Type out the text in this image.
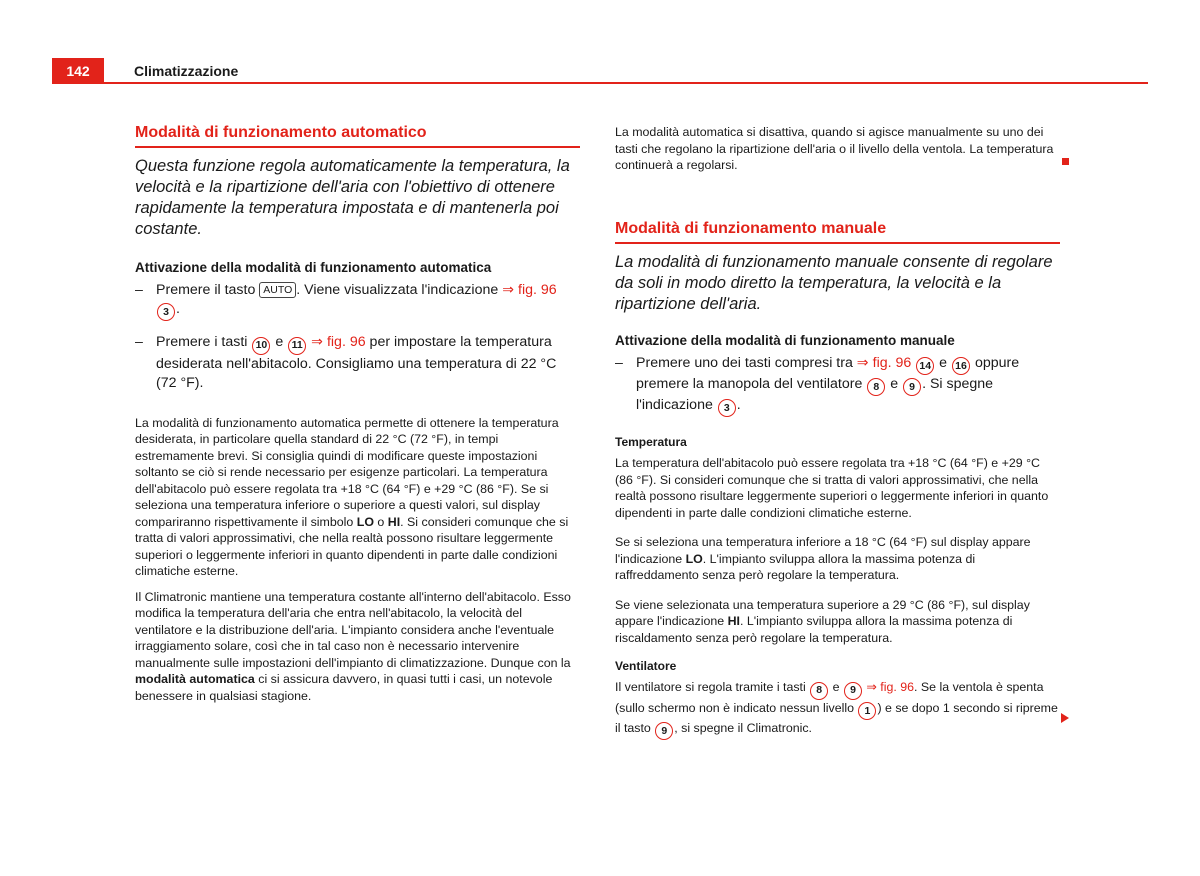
142	Climatizzazione
Modalità di funzionamento automatico

Questa funzione regola automaticamente la temperatura, la velocità e la ripartizione dell'aria con l'obiettivo di ottenere rapidamente la temperatura impostata e di mantenerla poi costante.

Attivazione della modalità di funzionamento automatica

– Premere il tasto AUTO . Viene visualizzata l'indicazione ⇒ fig. 96 3 .
– Premere i tasti 10 e 11 ⇒ fig. 96 per impostare la temperatura desiderata nell'abitacolo. Consigliamo una temperatura di 22 °C (72 °F).

La modalità di funzionamento automatica permette di ottenere la temperatura desiderata, in particolare quella standard di 22 °C (72 °F), in tempi estremamente brevi. Si consiglia quindi di modificare queste impostazioni soltanto se ciò si rende necessario per esigenze particolari. La temperatura dell'abitacolo può essere regolata tra +18 °C (64 °F) e +29 °C (86 °F). Se si seleziona una temperatura inferiore o superiore a questi valori, sul display compariranno rispettivamente il simbolo LO o HI. Si consideri comunque che si tratta di valori approssimativi, che nella realtà possono risultare leggermente superiori o leggermente inferiori in quanto dipendenti in parte dalle condizioni climatiche esterne.

Il Climatronic mantiene una temperatura costante all'interno dell'abitacolo. Esso modifica la temperatura dell'aria che entra nell'abitacolo, la velocità del ventilatore e la distribuzione dell'aria. L'impianto considera anche l'eventuale irraggiamento solare, così che in tal caso non è necessario intervenire manualmente sulle impostazioni dell'impianto di climatizzazione. Dunque con la modalità automatica ci si assicura davvero, in quasi tutti i casi, un notevole benessere in qualsiasi stagione.

La modalità automatica si disattiva, quando si agisce manualmente su uno dei tasti che regolano la ripartizione dell'aria o il livello della ventola. La temperatura continuerà a regolarsi.

Modalità di funzionamento manuale

La modalità di funzionamento manuale consente di regolare da soli in modo diretto la temperatura, la velocità e la ripartizione dell'aria.

Attivazione della modalità di funzionamento manuale

– Premere uno dei tasti compresi tra ⇒ fig. 96 14 e 16 oppure premere la manopola del ventilatore 8 e 9 . Si spegne l'indicazione 3 .

Temperatura

La temperatura dell'abitacolo può essere regolata tra +18 °C (64 °F) e +29 °C (86 °F). Si consideri comunque che si tratta di valori approssimativi, che nella realtà possono risultare leggermente superiori o leggermente inferiori in quanto dipendenti in parte dalle condizioni climatiche esterne.

Se si seleziona una temperatura inferiore a 18 °C (64 °F) sul display appare l'indicazione LO. L'impianto sviluppa allora la massima potenza di raffreddamento senza però regolare la temperatura.

Se viene selezionata una temperatura superiore a 29 °C (86 °F), sul display appare l'indicazione HI. L'impianto sviluppa allora la massima potenza di riscaldamento senza però regolare la temperatura.

Ventilatore

Il ventilatore si regola tramite i tasti 8 e 9 ⇒ fig. 96. Se la ventola è spenta (sullo schermo non è indicato nessun livello 1 ) e se dopo 1 secondo si ripreme il tasto 9 , si spegne il Climatronic.
